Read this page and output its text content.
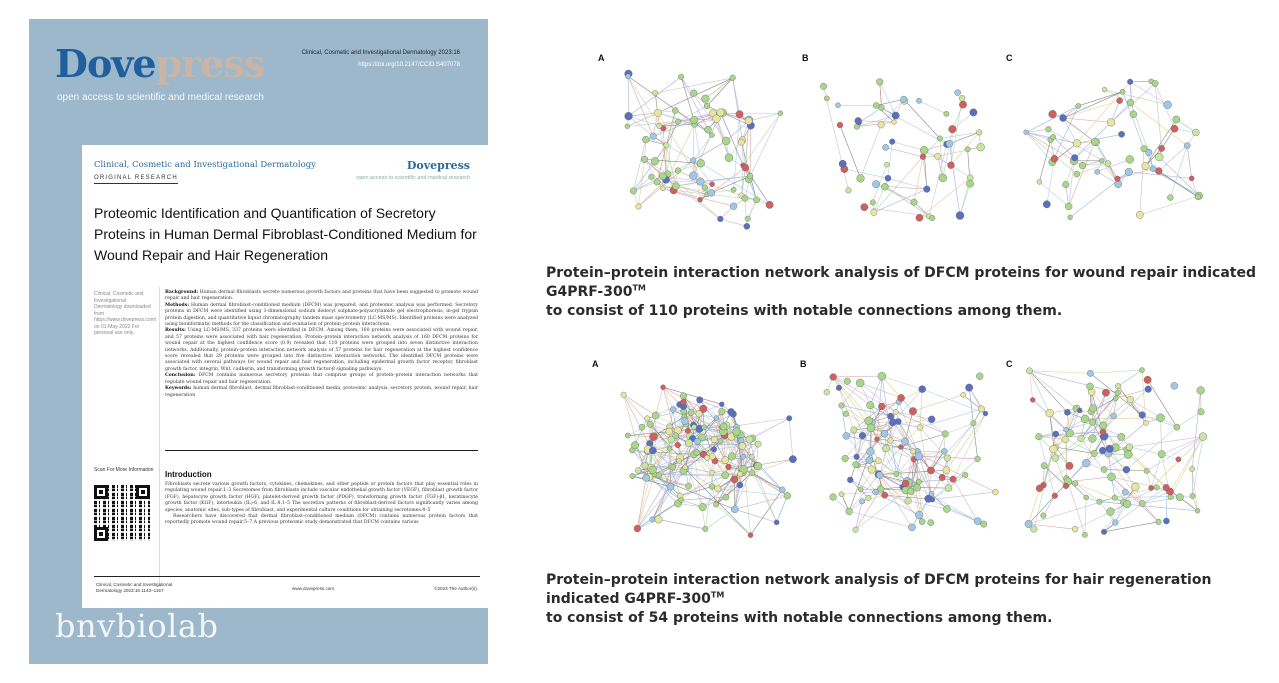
Dovepress	Clinical, Cosmetic and Investigational Dermatology 2023:16
https://doi.org/10.2147/CCID.S407078
open access to scientific and medical research
Clinical, Cosmetic and Investigational Dermatology
ORIGINAL RESEARCH
Dovepress
open access to scientific and medical research
Proteomic Identification and Quantification of Secretory Proteins in Human Dermal Fibroblast-Conditioned Medium for Wound Repair and Hair Regeneration
Clinical, Cosmetic and Investigational Dermatology downloaded from https://www.dovepress.com/ on 01-May-2022 For personal use only.

Background: Human dermal fibroblasts secrete numerous growth factors and proteins that have been suggested to promote wound repair and hair regeneration.

Methods: Human dermal fibroblast-conditioned medium (DFCM) was prepared, and proteomic analysis was performed. Secretory proteins in DFCM were identified using 1-dimensional sodium dodecyl sulphate-polyacrylamide gel electrophoresis, in-gel trypsin protein digestion, and quantitative liquid chromatography tandem mass spectrometry (LC-MS/MS). Identified proteins were analyzed using bioinformatic methods for the classification and evaluation of protein–protein interactions.

Results: Using LC-MS/MS, 337 proteins were identified in DFCM. Among them, 160 proteins were associated with wound repair, and 57 proteins were associated with hair regeneration. Protein–protein interaction network analysis of 160 DFCM proteins for wound repair at the highest confidence score (0.9) revealed that 110 proteins were grouped into seven distinctive interaction networks. Additionally, protein–protein interaction network analysis of 57 proteins for hair regeneration at the highest confidence score revealed that 29 proteins were grouped into five distinctive interaction networks. The identified DFCM proteins were associated with several pathways for wound repair and hair regeneration, including epidermal growth factor receptor, fibroblast growth factor, integrin, Wnt, cadherin, and transforming growth factor-β signaling pathways.

Conclusion: DFCM contains numerous secretory proteins that comprise groups of protein–protein interaction networks that regulate wound repair and hair regeneration.

Keywords: human dermal fibroblast, dermal fibroblast-conditioned media, proteomic analysis, secretory protein, wound repair, hair regeneration

Scan For More Information Introduction

Fibroblasts secrete various growth factors, cytokines, chemokines, and other peptide or protein factors that play essential roles in regulating wound repair.1–3 Secretomes from fibroblasts include vascular endothelial growth factor (VEGF), fibroblast growth factor (FGF), hepatocyte growth factor (HGF), platelet-derived growth factor (PDGF), transforming growth factor (TGF)-β1, keratinocyte growth factor (KGF), interleukin (IL)-6, and IL-8.1–5 The secretion patterns of fibroblast-derived factors significantly varies among species, anatomic sites, sub-types of fibroblast, and experimental culture conditions for obtaining secretomes.4–5

Researchers have discovered that dermal fibroblast-conditioned medium (DFCM) contains numerous protein factors that reportedly promote wound repair.5–7 A previous proteomic study demonstrated that DFCM contains various

Clinical, Cosmetic and Investigational Dermatology 2023:16 1143–1157	www.dovepress.com	©2023 The Author(s).
bnvbiolab
A	B	C
Protein–protein interaction network analysis of DFCM proteins for wound repair indicated G4PRF-300™
to consist of 110 proteins with notable connections among them.
A	B	C
Protein–protein interaction network analysis of DFCM proteins for hair regeneration indicated G4PRF-300™
to consist of 54 proteins with notable connections among them.
